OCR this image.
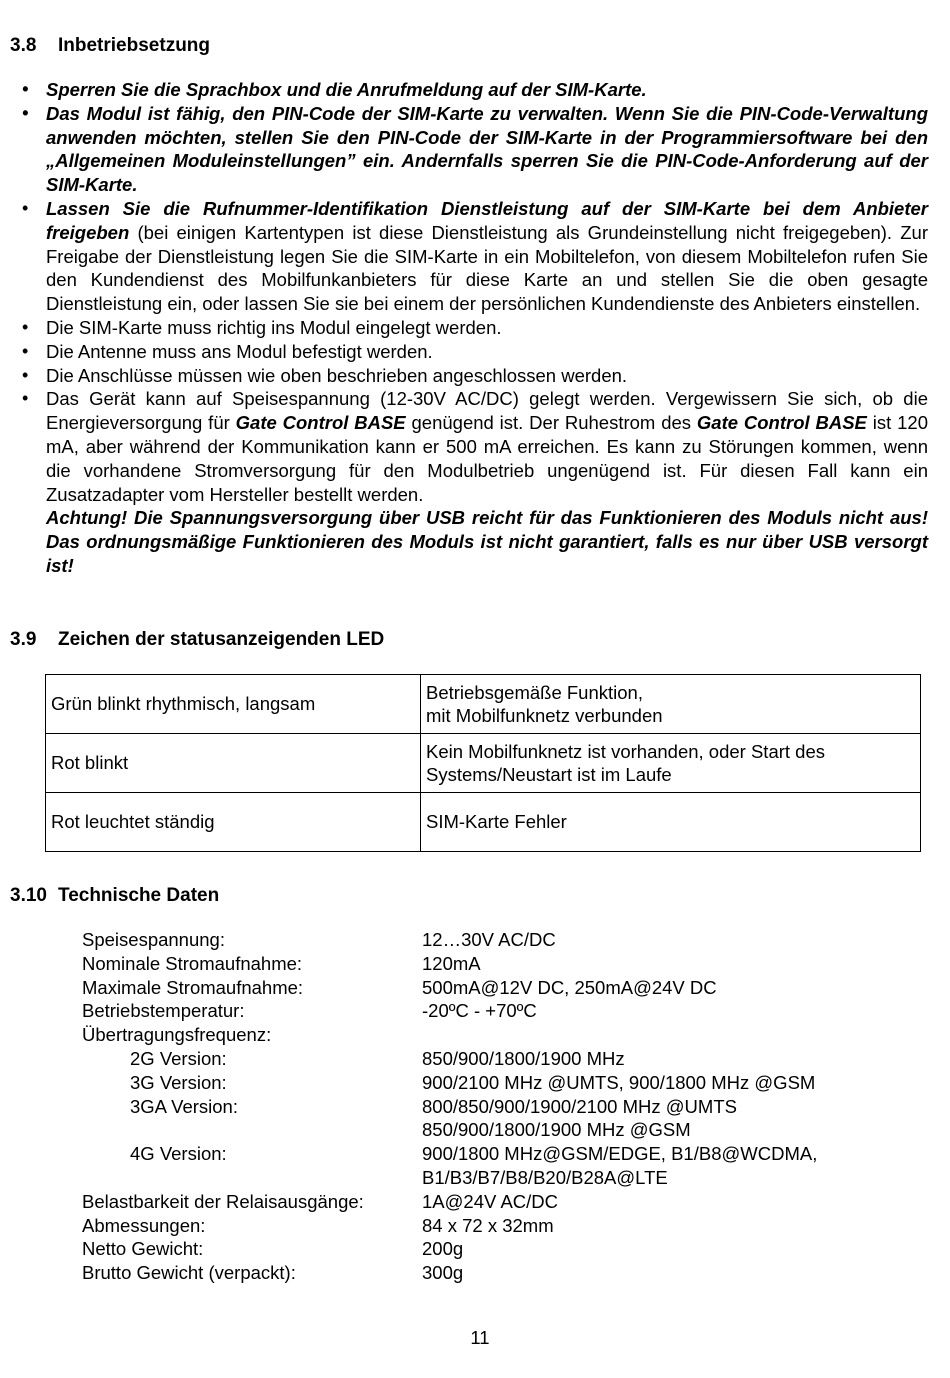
3.8 Inbetriebsetzung
• Sperren Sie die Sprachbox und die Anrufmeldung auf der SIM-Karte.
• Das Modul ist fähig, den PIN-Code der SIM-Karte zu verwalten. Wenn Sie die PIN-Code-Verwaltung anwenden möchten, stellen Sie den PIN-Code der SIM-Karte in der Programmiersoftware bei den „Allgemeinen Moduleinstellungen” ein. Andernfalls sperren Sie die PIN-Code-Anforderung auf der SIM-Karte.
• Lassen Sie die Rufnummer-Identifikation Dienstleistung auf der SIM-Karte bei dem Anbieter freigeben (bei einigen Kartentypen ist diese Dienstleistung als Grundeinstellung nicht freigegeben). Zur Freigabe der Dienstleistung legen Sie die SIM-Karte in ein Mobiltelefon, von diesem Mobiltelefon rufen Sie den Kundendienst des Mobilfunkanbieters für diese Karte an und stellen Sie die oben gesagte Dienstleistung ein, oder lassen Sie sie bei einem der persönlichen Kundendienste des Anbieters einstellen.
• Die SIM-Karte muss richtig ins Modul eingelegt werden.
• Die Antenne muss ans Modul befestigt werden.
• Die Anschlüsse müssen wie oben beschrieben angeschlossen werden.
• Das Gerät kann auf Speisespannung (12-30V AC/DC) gelegt werden. Vergewissern Sie sich, ob die Energieversorgung für Gate Control BASE genügend ist. Der Ruhestrom des Gate Control BASE ist 120 mA, aber während der Kommunikation kann er 500 mA erreichen. Es kann zu Störungen kommen, wenn die vorhandene Stromversorgung für den Modulbetrieb ungenügend ist. Für diesen Fall kann ein Zusatzadapter vom Hersteller bestellt werden.
Achtung! Die Spannungsversorgung über USB reicht für das Funktionieren des Moduls nicht aus! Das ordnungsmäßige Funktionieren des Moduls ist nicht garantiert, falls es nur über USB versorgt ist!
3.9 Zeichen der statusanzeigenden LED
Grün blinkt rhythmisch, langsam	Betriebsgemäße Funktion,
mit Mobilfunknetz verbunden
Rot blinkt	Kein Mobilfunknetz ist vorhanden, oder Start des
Systems/Neustart ist im Laufe
Rot leuchtet ständig	SIM-Karte Fehler
3.10 Technische Daten
Speisespannung:	12…30V AC/DC
Nominale Stromaufnahme:	120mA
Maximale Stromaufnahme:	500mA@12V DC, 250mA@24V DC
Betriebstemperatur:	-20ºC - +70ºC
Übertragungsfrequenz:
2G Version:	850/900/1800/1900 MHz
3G Version:	900/2100 MHz @UMTS, 900/1800 MHz @GSM
3GA Version:	800/850/900/1900/2100 MHz @UMTS
850/900/1800/1900 MHz @GSM
4G Version:	900/1800 MHz@GSM/EDGE, B1/B8@WCDMA,
B1/B3/B7/B8/B20/B28A@LTE
Belastbarkeit der Relaisausgänge:	1A@24V AC/DC
Abmessungen:	84 x 72 x 32mm
Netto Gewicht:	200g
Brutto Gewicht (verpackt):	300g
11
